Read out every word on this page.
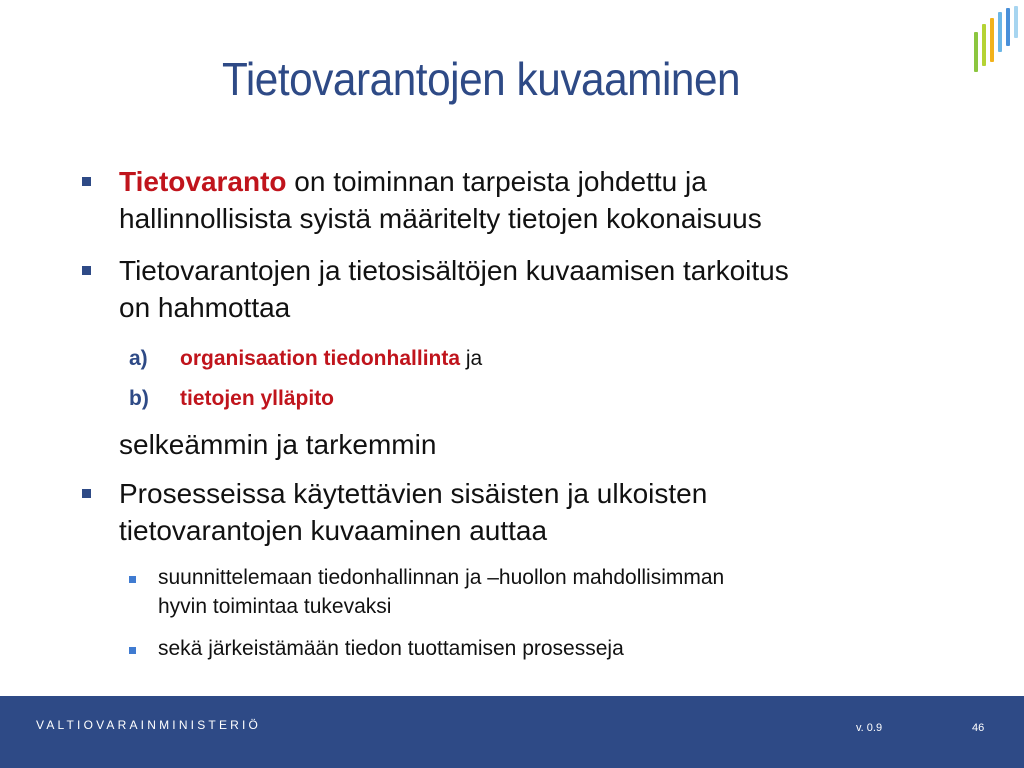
Tietovarantojen kuvaaminen
Tietovaranto on toiminnan tarpeista johdettu ja
hallinnollisista syistä määritelty tietojen kokonaisuus
Tietovarantojen ja tietosisältöjen kuvaamisen tarkoitus
on hahmottaa
a)	organisaation tiedonhallinta ja
b)	tietojen ylläpito
selkeämmin ja tarkemmin
Prosesseissa käytettävien sisäisten ja ulkoisten
tietovarantojen kuvaaminen auttaa
suunnittelemaan tiedonhallinnan ja –huollon mahdollisimman
hyvin toimintaa tukevaksi
sekä järkeistämään tiedon tuottamisen prosesseja
VALTIOVARAINMINISTERIÖ	v. 0.9	46
